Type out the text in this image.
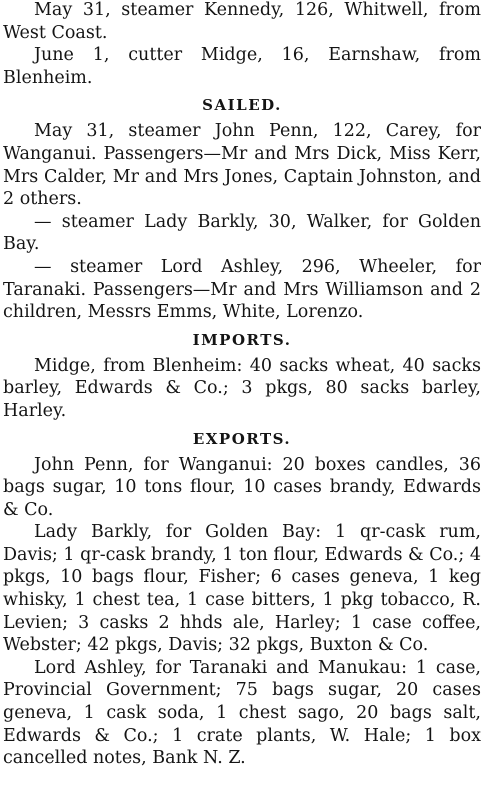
May 31, steamer Kennedy, 126, Whitwell, from West Coast.

June 1, cutter Midge, 16, Earnshaw, from Blenheim.

SAILED.

May 31, steamer John Penn, 122, Carey, for Wanganui. Passengers—Mr and Mrs Dick, Miss Kerr, Mrs Calder, Mr and Mrs Jones, Captain Johnston, and 2 others.

— steamer Lady Barkly, 30, Walker, for Golden Bay.

— steamer Lord Ashley, 296, Wheeler, for Taranaki. Passengers—Mr and Mrs Williamson and 2 children, Messrs Emms, White, Lorenzo.

IMPORTS.

Midge, from Blenheim: 40 sacks wheat, 40 sacks barley, Edwards & Co.; 3 pkgs, 80 sacks barley, Harley.

EXPORTS.

John Penn, for Wanganui: 20 boxes candles, 36 bags sugar, 10 tons flour, 10 cases brandy, Edwards & Co.

Lady Barkly, for Golden Bay: 1 qr-cask rum, Davis; 1 qr-cask brandy, 1 ton flour, Edwards & Co.; 4 pkgs, 10 bags flour, Fisher; 6 cases geneva, 1 keg whisky, 1 chest tea, 1 case bitters, 1 pkg tobacco, R. Levien; 3 casks 2 hhds ale, Harley; 1 case coffee, Webster; 42 pkgs, Davis; 32 pkgs, Buxton & Co.

Lord Ashley, for Taranaki and Manukau: 1 case, Provincial Government; 75 bags sugar, 20 cases geneva, 1 cask soda, 1 chest sago, 20 bags salt, Edwards & Co.; 1 crate plants, W. Hale; 1 box cancelled notes, Bank N. Z.
